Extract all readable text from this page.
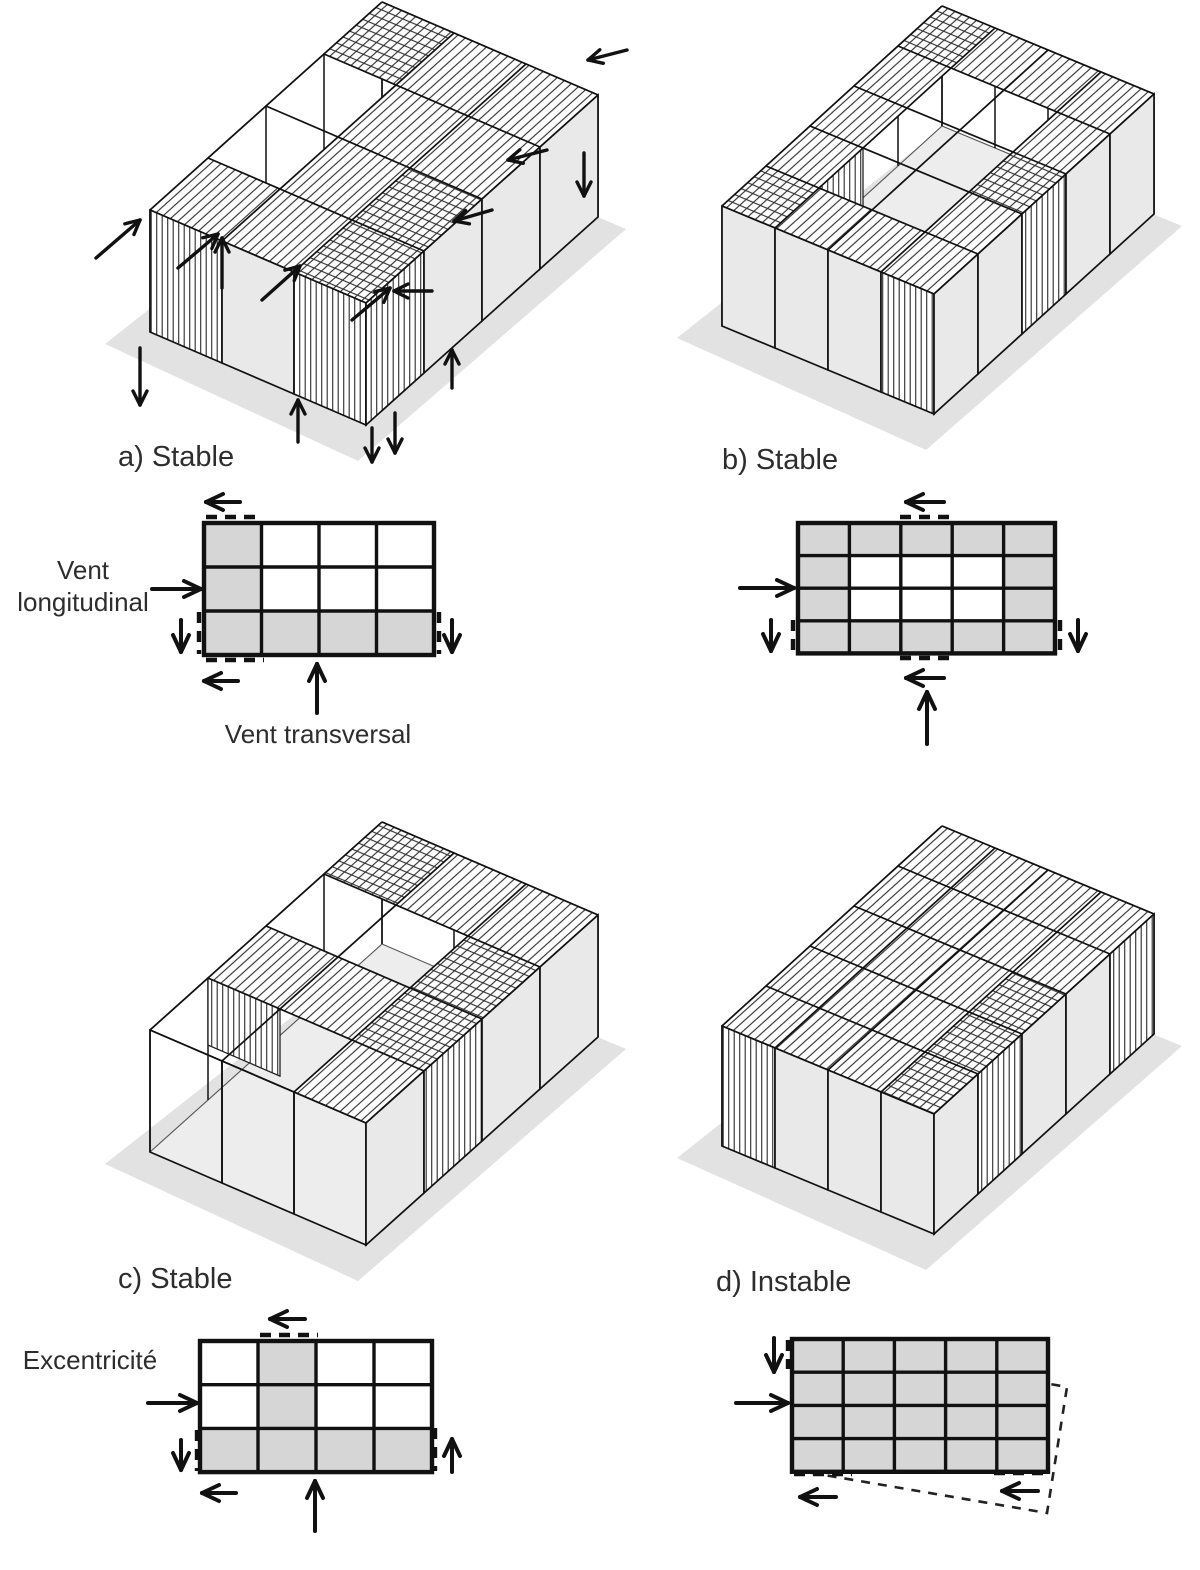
a) Stable	b) Stable
c) Stable	d) Instable
Vent
longitudinal
Vent transversal
Excentricité
